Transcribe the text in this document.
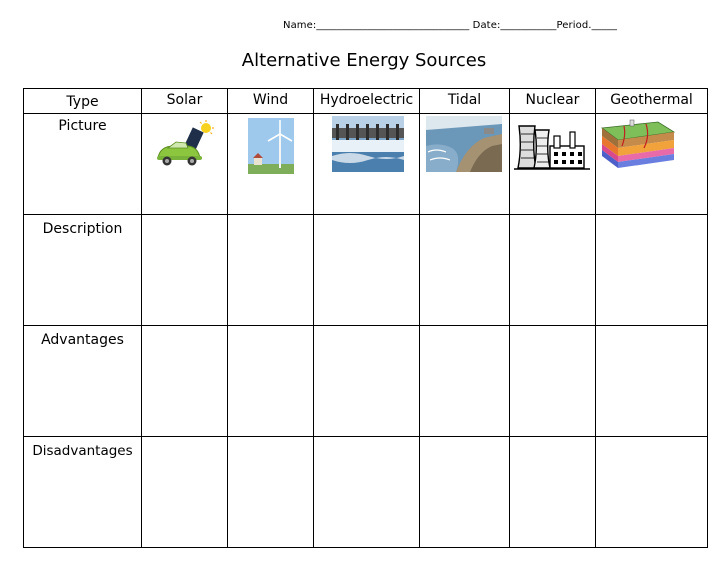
Name:______________________________ Date:___________Period._____
Alternative Energy Sources
Type	Solar	Wind	Hydroelectric	Tidal	Nuclear	Geothermal
Picture	

Description						
Advantages						
Disadvantages						
